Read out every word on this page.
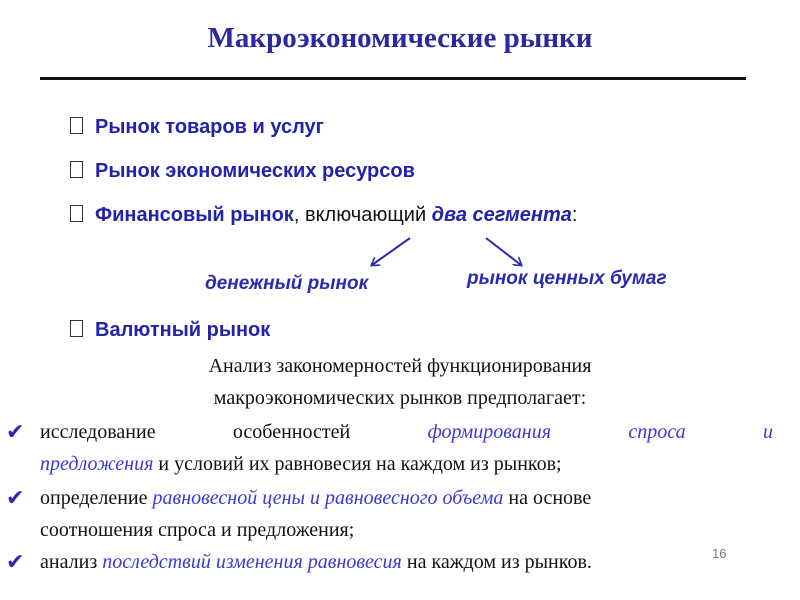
Макроэкономические рынки
Рынок товаров и услуг
Рынок экономических ресурсов
Финансовый рынок, включающий два сегмента:
денежный рынок	рынок ценных бумаг
Валютный рынок
Анализ закономерностей функционирования
макроэкономических рынков предполагает:
✔ исследование особенностей формирования спроса и
предложения и условий их равновесия на каждом из рынков;
✔ определение равновесной цены и равновесного объема на основе
соотношения спроса и предложения;
✔ анализ последствий изменения равновесия на каждом из рынков.	16
